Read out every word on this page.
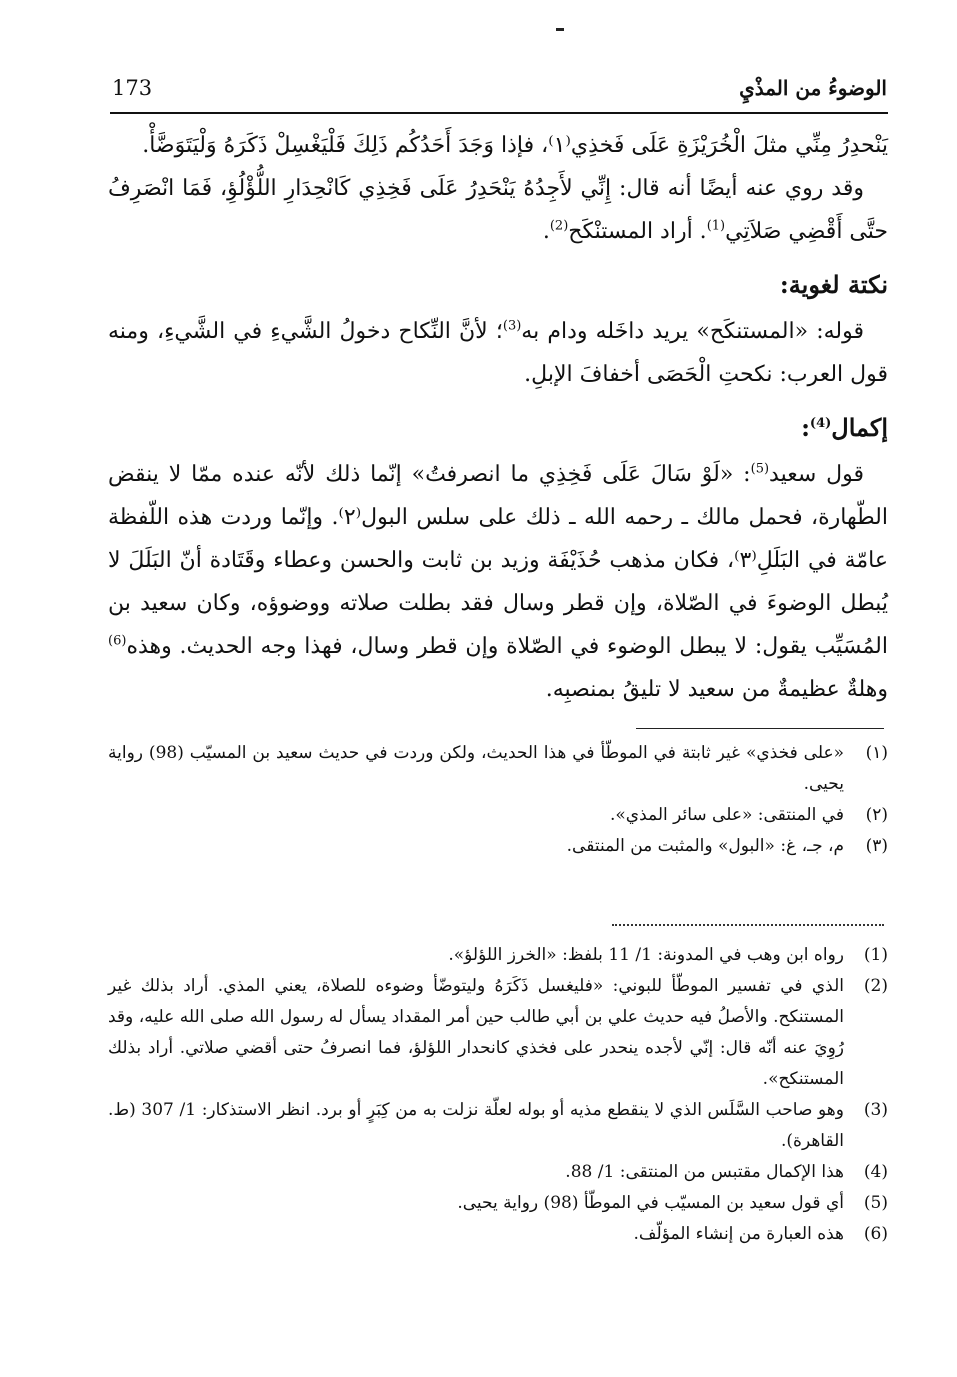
173	الوضوءُ من المذْيِ

يَنْحدِرُ مِنِّي مثلَ الْخُرَيْزَةِ عَلَى فَخذِي⁽١⁾، فإذا وَجَدَ أَحَدُكُم ذَلِكَ فَلْيَغْسِلْ ذَكَرَهُ وَلْيَتَوَضَّأْ.

وقد روي عنه أيضًا أنه قال: إِنِّي لأَجِدُهُ يَنْحَدِرُ عَلَى فَخِذِي كَانْحِدَارِ اللُّؤْلُؤِ، فَمَا انْصَرِفُ حتَّى أَقْضِي صَلاَتِي$^{(1)}$. أراد المستنْكَح$^{(2)}$.

نكتة لغوية:

قوله: «المستنكَح» يريد داخَله ودام به$^{(3)}$؛ لأنَّ النِّكاح دخولُ الشَّيءِ في الشَّيءِ، ومنه قول العرب: نكحتِ الْحَصَى أخفافَ الإبلِ.

إكمال$^{(4)}$:

قول سعيد$^{(5)}$: «لَوْ سَالَ عَلَى فَخِذِي ما انصرفتُ» إنّما ذلك لأنّه عنده ممّا لا ينقض الطّهارة، فحمل مالك ـ رحمه الله ـ ذلك على سلس البول⁽٢⁾. وإنّما وردت هذه اللّفظة عامّة في البَلَلِ⁽٣⁾، فكان مذهب حُذَيْفَة وزيد بن ثابت والحسن وعطاء وقَتَادة أنّ البَلَلَ لا يُبطل الوضوءَ في الصّلاة، وإن قطر وسال فقد بطلت صلاته ووضوؤه، وكان سعيد بن المُسَيِّب يقول: لا يبطل الوضوء في الصّلاة وإن قطر وسال، فهذا وجه الحديث. وهذه$^{(6)}$ وهلةٌ عظيمةٌ من سعيد لا تليقُ بمنصبِه.

(١)
«على فخذي» غير ثابتة في الموطّأ في هذا الحديث، ولكن وردت في حديث سعيد بن المسيّب (98) رواية يحيى.
(٢)
في المنتقى: «على سائر المذي».
(٣)
م، جـ، غ: «البول» والمثبت من المنتقى.
(1)
رواه ابن وهب في المدونة: 1/ 11 بلفظ: «الخرز اللؤلؤ».
(2)
الذي في تفسير الموطّأ للبوني: «فليغسل ذَكَرَهُ وليتوضّأ وضوءه للصلاة، يعني المذي. أراد بذلك غير المستنكح. والأصلُ فيه حديث علي بن أبي طالب حين أمر المقداد يسأل له رسول الله صلى الله عليه، وقد رُوِيَ عنه أنّه قال: إنّي لأجده ينحدر على فخذي كانحدار اللؤلؤ، فما انصرفُ حتى أقضي صلاتي. أراد بذلك المستنكح».
(3)
وهو صاحب السَّلَس الذي لا ينقطع مذيه أو بوله لعلّة نزلت به من كِبَرٍ أو برد. انظر الاستذكار: 1/ 307 (ط. القاهرة).
(4)
هذا الإكمال مقتبس من المنتقى: 1/ 88.
(5)
أي قول سعيد بن المسيّب في الموطّأ (98) رواية يحيى.
(6)
هذه العبارة من إنشاء المؤلّف.
